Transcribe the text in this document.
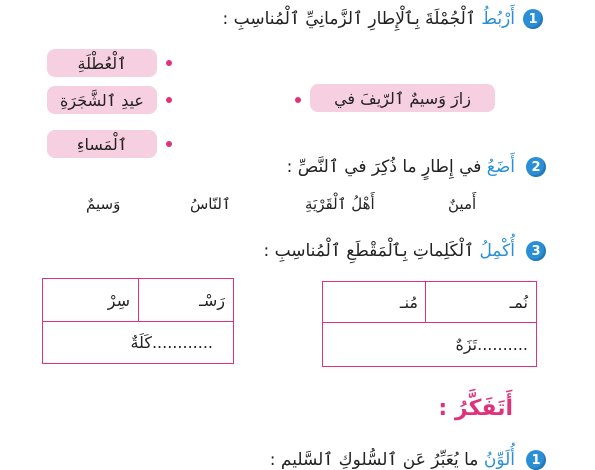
1
أَرْبُطُ ٱلْجُمْلَةَ بِٱلْإِطارِ ٱلزَّمانِيِّ ٱلْمُناسِبِ :
ٱلْعُطْلَةِ
عيدِ ٱلشَّجَرَةِ
ٱلْمَساءِ
زارَ وَسيمٌ ٱلرّيفَ في
2
أَضَعُ في إِطارٍ ما ذُكِرَ في ٱلنَّصِّ :
أَمينٌ
أَهْلُ ٱلْقَرْيَةِ
ٱلنّاسُ
وَسيمٌ
3
أُكْمِلُ ٱلْكَلِماتِ بِٱلْمَقْطَعِ ٱلْمُناسِبِ :
نُمـ
مُنـ
..........تَزَهٌ
رَسْـ
سِرْ
............كَلَةٌ
أَتَفَكَّرُ :
1
أُلَوِّنُ ما يُعَبِّرُ عَنِ ٱلسُّلوكِ ٱلسَّليمِ :
